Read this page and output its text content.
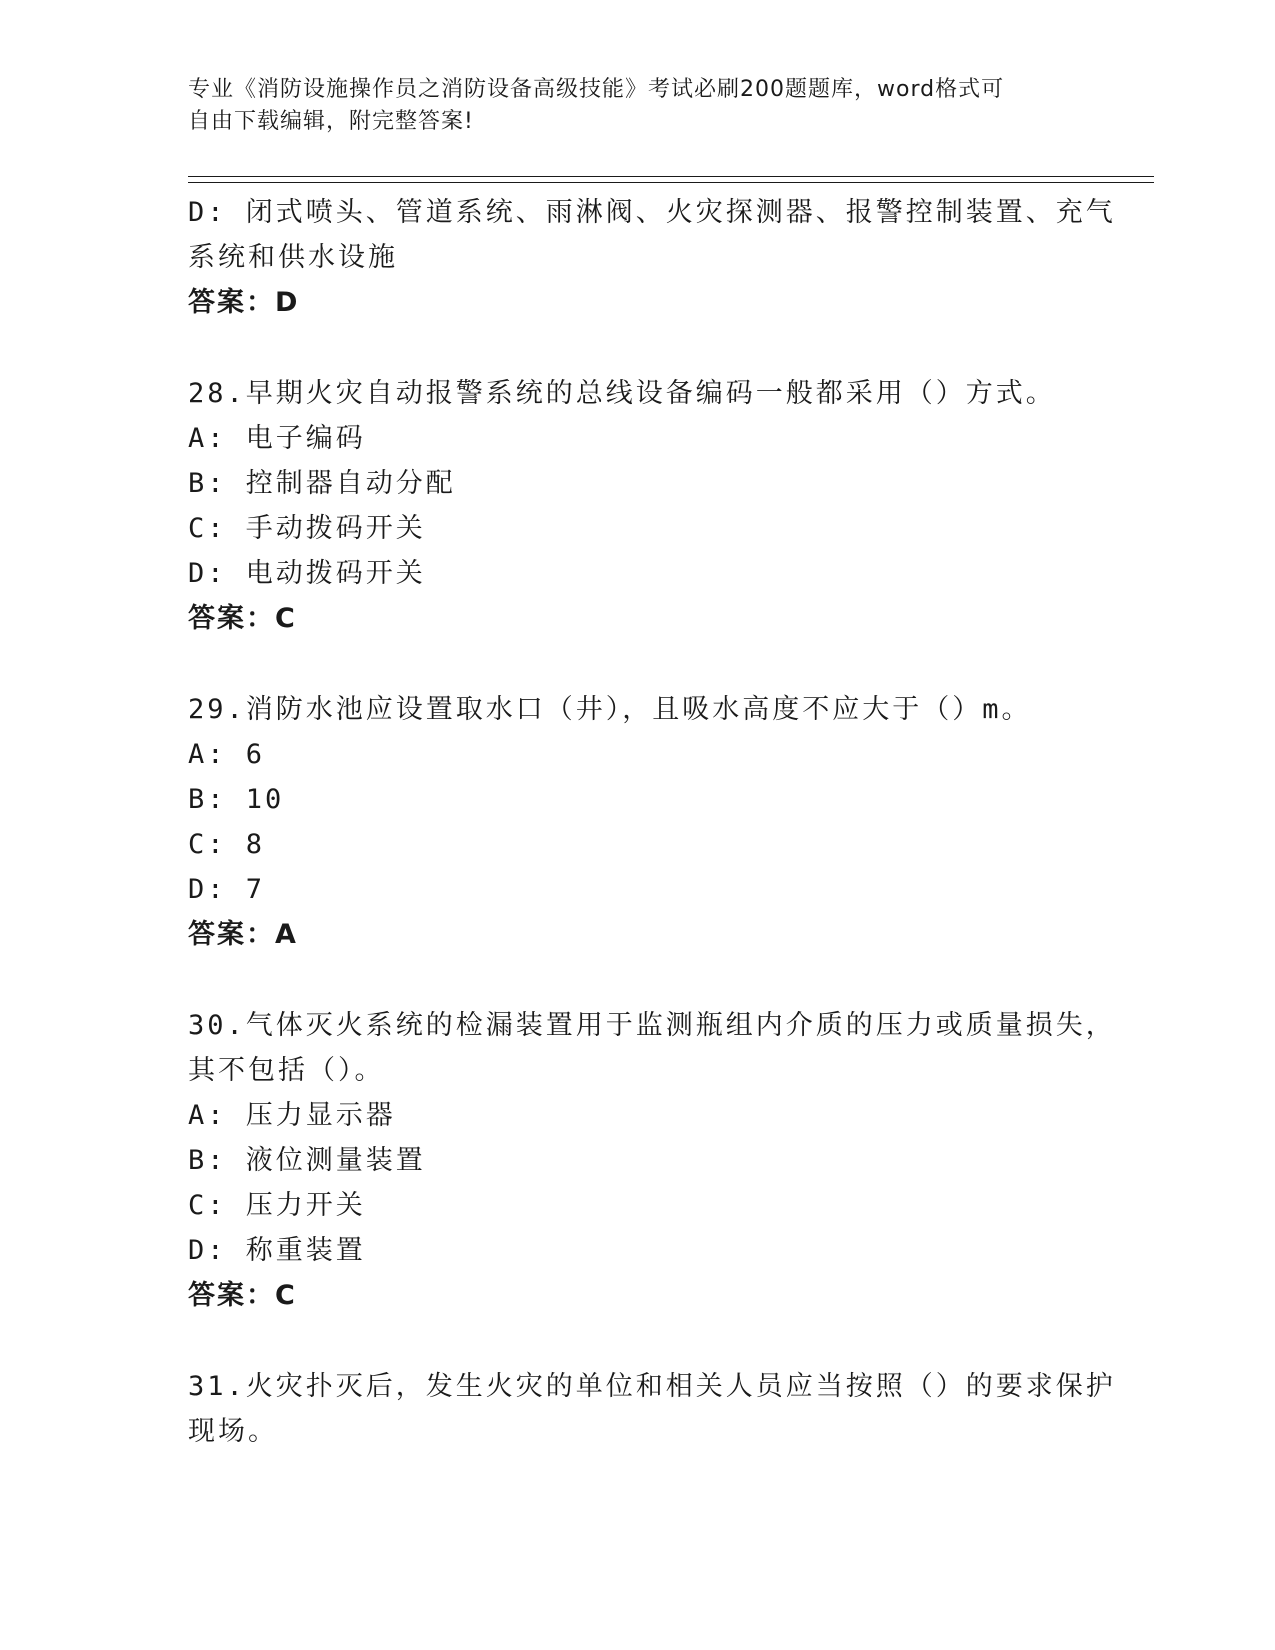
专业《消防设施操作员之消防设备高级技能》考试必刷200题题库，word格式可
自由下载编辑，附完整答案!
D: 闭式喷头、管道系统、雨淋阀、火灾探测器、报警控制装置、充气
系统和供水设施
答案：D
28.早期火灾自动报警系统的总线设备编码一般都采用（）方式。
A: 电子编码
B: 控制器自动分配
C: 手动拨码开关
D: 电动拨码开关
答案：C
29.消防水池应设置取水口（井），且吸水高度不应大于（）m。
A: 6
B: 10
C: 8
D: 7
答案：A
30.气体灭火系统的检漏装置用于监测瓶组内介质的压力或质量损失，
其不包括（）。
A: 压力显示器
B: 液位测量装置
C: 压力开关
D: 称重装置
答案：C
31.火灾扑灭后，发生火灾的单位和相关人员应当按照（）的要求保护
现场。
